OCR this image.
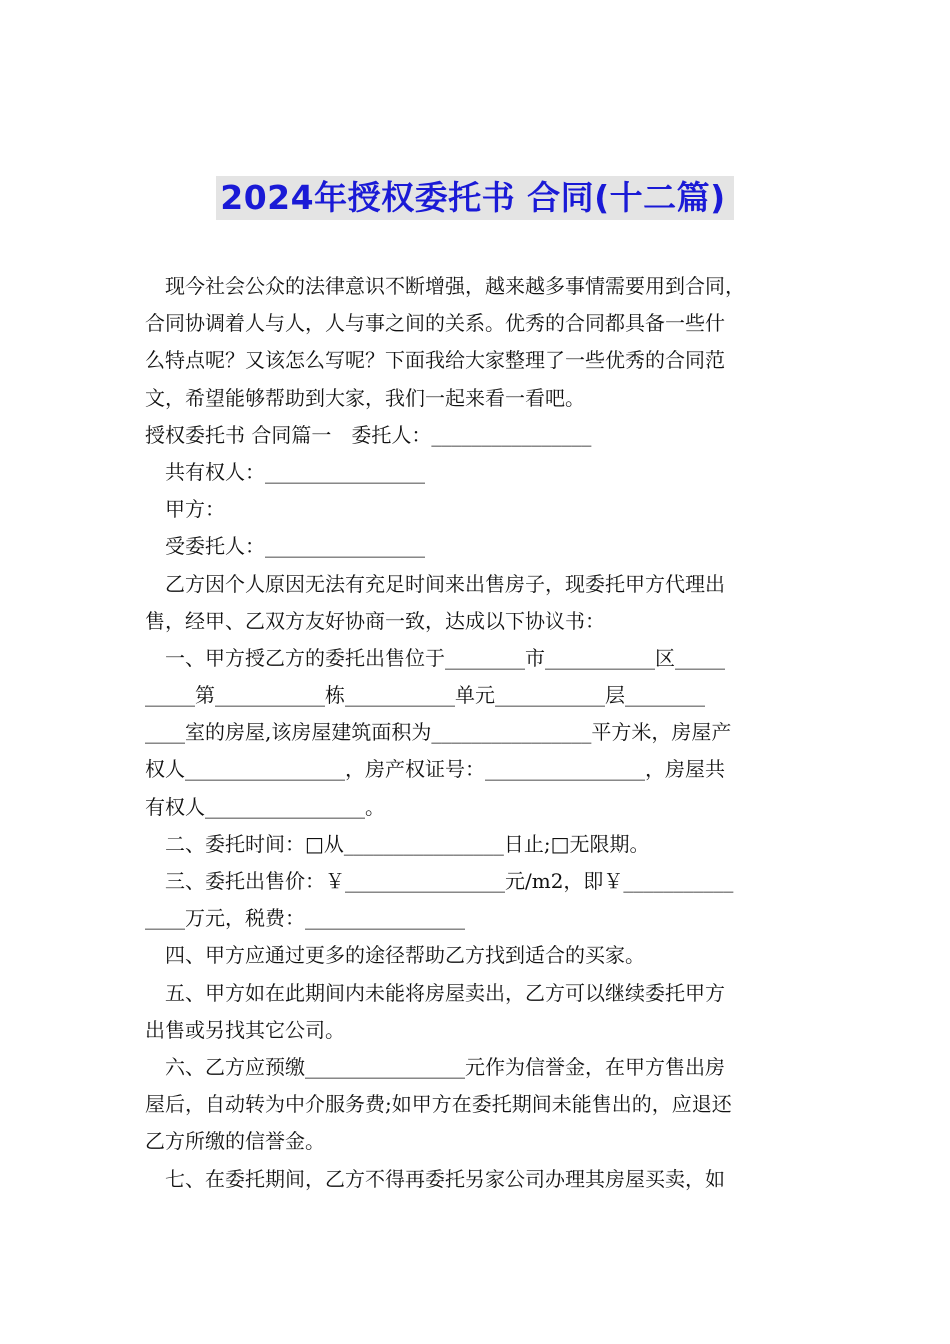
2024年授权委托书 合同(十二篇)
现今社会公众的法律意识不断增强，越来越多事情需要用到合同，
合同协调着人与人，人与事之间的关系。优秀的合同都具备一些什
么特点呢？又该怎么写呢？下面我给大家整理了一些优秀的合同范
文，希望能够帮助到大家，我们一起来看一看吧。
授权委托书 合同篇一　委托人：________________
共有权人：________________
甲方：
受委托人：________________
乙方因个人原因无法有充足时间来出售房子，现委托甲方代理出
售，经甲、乙双方友好协商一致，达成以下协议书：
一、甲方授乙方的委托出售位于________市___________区_____
_____第___________栋___________单元___________层________
____室的房屋,该房屋建筑面积为________________平方米，房屋产
权人________________，房产权证号：________________，房屋共
有权人________________。
二、委托时间：□从________________日止;□无限期。
三、委托出售价：￥________________元/m2，即￥___________
____万元，税费：________________
四、甲方应通过更多的途径帮助乙方找到适合的买家。
五、甲方如在此期间内未能将房屋卖出，乙方可以继续委托甲方
出售或另找其它公司。
六、乙方应预缴________________元作为信誉金，在甲方售出房
屋后，自动转为中介服务费;如甲方在委托期间未能售出的，应退还
乙方所缴的信誉金。
七、在委托期间，乙方不得再委托另家公司办理其房屋买卖，如
